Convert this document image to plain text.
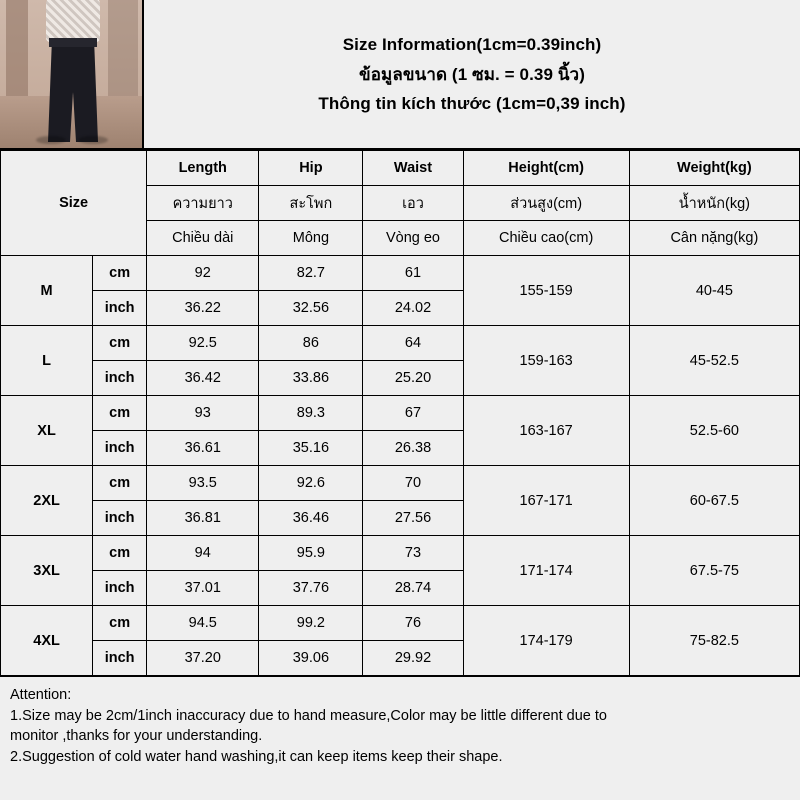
Size Information(1cm=0.39inch)
ข้อมูลขนาด (1 ซม. = 0.39 นิ้ว)
Thông tin kích thước (1cm=0,39 inch)
Size		Length	Hip	Waist	Height(cm)	Weight(kg)
		ความยาว	สะโพก	เอว	ส่วนสูง(cm)	น้ำหนัก(kg)
		Chiều dài	Mông	Vòng eo	Chiều cao(cm)	Cân nặng(kg)
M	cm	92	82.7	61	155-159	40-45
	inch	36.22	32.56	24.02		
L	cm	92.5	86	64	159-163	45-52.5
	inch	36.42	33.86	25.20		
XL	cm	93	89.3	67	163-167	52.5-60
	inch	36.61	35.16	26.38		
2XL	cm	93.5	92.6	70	167-171	60-67.5
	inch	36.81	36.46	27.56		
3XL	cm	94	95.9	73	171-174	67.5-75
	inch	37.01	37.76	28.74		
4XL	cm	94.5	99.2	76	174-179	75-82.5
	inch	37.20	39.06	29.92		
Attention:
1.Size may be 2cm/1inch inaccuracy due to hand measure,Color may be little different due to
monitor ,thanks for your understanding.
2.Suggestion of cold water hand washing,it can keep items keep their shape.
